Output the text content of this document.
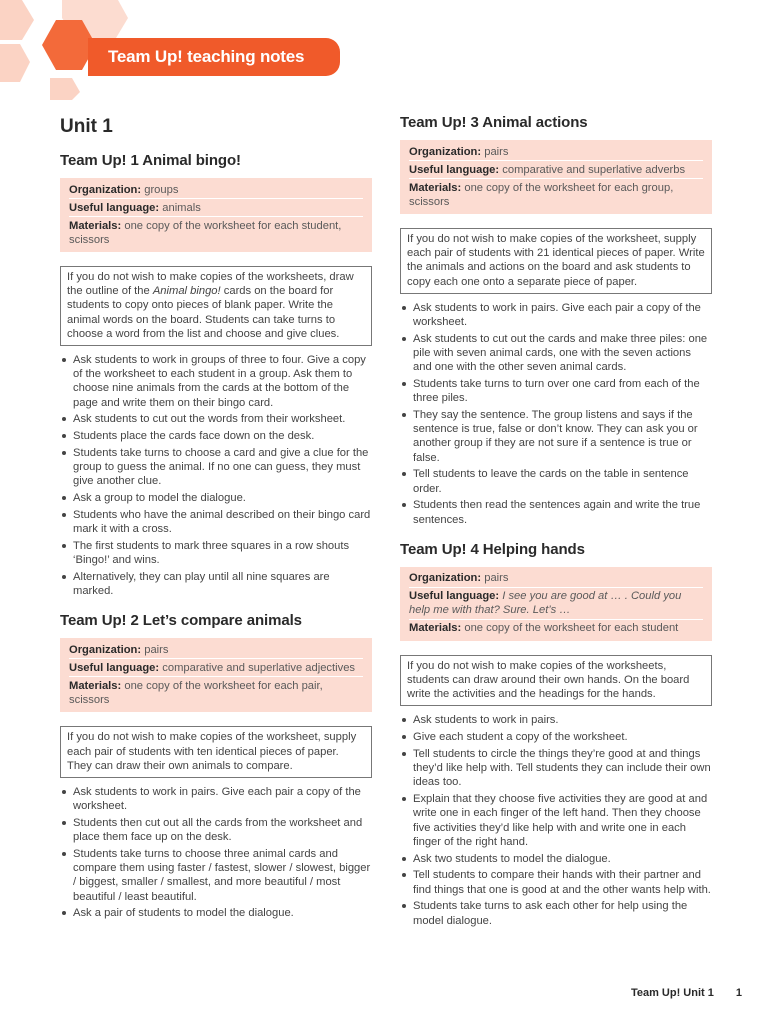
Team Up! teaching notes
Unit 1
Team Up! 1 Animal bingo!
Organization: groups
Useful language: animals
Materials: one copy of the worksheet for each student, scissors
If you do not wish to make copies of the worksheets, draw the outline of the Animal bingo! cards on the board for students to copy onto pieces of blank paper. Write the animal words on the board. Students can take turns to choose a word from the list and choose and give clues.
Ask students to work in groups of three to four. Give a copy of the worksheet to each student in a group. Ask them to choose nine animals from the cards at the bottom of the page and write them on their bingo card.
Ask students to cut out the words from their worksheet.
Students place the cards face down on the desk.
Students take turns to choose a card and give a clue for the group to guess the animal. If no one can guess, they must give another clue.
Ask a group to model the dialogue.
Students who have the animal described on their bingo card mark it with a cross.
The first students to mark three squares in a row shouts ‘Bingo!’ and wins.
Alternatively, they can play until all nine squares are marked.
Team Up! 2 Let’s compare animals
Organization: pairs
Useful language: comparative and superlative adjectives
Materials: one copy of the worksheet for each pair, scissors
If you do not wish to make copies of the worksheet, supply each pair of students with ten identical pieces of paper. They can draw their own animals to compare.
Ask students to work in pairs. Give each pair a copy of the worksheet.
Students then cut out all the cards from the worksheet and place them face up on the desk.
Students take turns to choose three animal cards and compare them using faster / fastest, slower / slowest, bigger / biggest, smaller / smallest, and more beautiful / most beautiful / least beautiful.
Ask a pair of students to model the dialogue.
Team Up! 3 Animal actions
Organization: pairs
Useful language: comparative and superlative adverbs
Materials: one copy of the worksheet for each group, scissors
If you do not wish to make copies of the worksheet, supply each pair of students with 21 identical pieces of paper. Write the animals and actions on the board and ask students to copy each one onto a separate piece of paper.
Ask students to work in pairs. Give each pair a copy of the worksheet.
Ask students to cut out the cards and make three piles: one pile with seven animal cards, one with the seven actions and one with the other seven animal cards.
Students take turns to turn over one card from each of the three piles.
They say the sentence. The group listens and says if the sentence is true, false or don’t know. They can ask you or another group if they are not sure if a sentence is true or false.
Tell students to leave the cards on the table in sentence order.
Students then read the sentences again and write the true sentences.
Team Up! 4 Helping hands
Organization: pairs
Useful language: I see you are good at … . Could you help me with that? Sure. Let’s …
Materials: one copy of the worksheet for each student
If you do not wish to make copies of the worksheets, students can draw around their own hands. On the board write the activities and the headings for the hands.
Ask students to work in pairs.
Give each student a copy of the worksheet.
Tell students to circle the things they’re good at and things they’d like help with. Tell students they can include their own ideas too.
Explain that they choose five activities they are good at and write one in each finger of the left hand. Then they choose five activities they’d like help with and write one in each finger of the right hand.
Ask two students to model the dialogue.
Tell students to compare their hands with their partner and find things that one is good at and the other wants help with.
Students take turns to ask each other for help using the model dialogue.
Team Up! Unit 1 1
